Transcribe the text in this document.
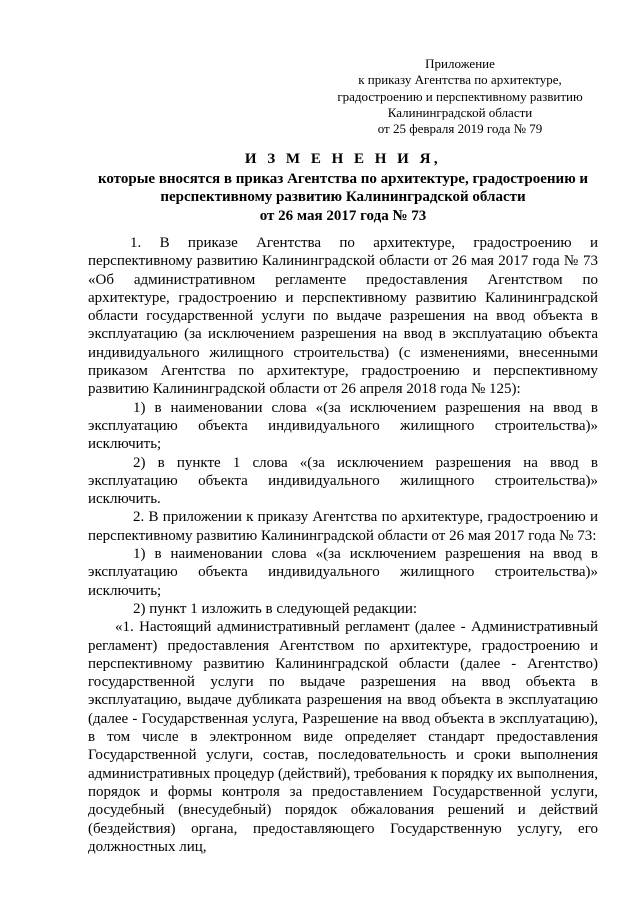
Приложение
к приказу Агентства по архитектуре,
градостроению и перспективному развитию
Калининградской области
от 25 февраля 2019 года № 79
И З М Е Н Е Н И Я,
которые вносятся в приказ Агентства по архитектуре, градостроению и перспективному развитию Калининградской области
от 26 мая 2017 года № 73

1. В приказе Агентства по архитектуре, градостроению и перспективному развитию Калининградской области от 26 мая 2017 года № 73 «Об административном регламенте предоставления Агентством по архитектуре, градостроению и перспективному развитию Калининградской области государственной услуги по выдаче разрешения на ввод объекта в эксплуатацию (за исключением разрешения на ввод в эксплуатацию объекта индивидуального жилищного строительства) (с изменениями, внесенными приказом Агентства по архитектуре, градостроению и перспективному развитию Калининградской области от 26 апреля 2018 года № 125):

1) в наименовании слова «(за исключением разрешения на ввод в эксплуатацию объекта индивидуального жилищного строительства)» исключить;

2) в пункте 1 слова «(за исключением разрешения на ввод в эксплуатацию объекта индивидуального жилищного строительства)» исключить.

2. В приложении к приказу Агентства по архитектуре, градостроению и перспективному развитию Калининградской области от 26 мая 2017 года № 73:

1) в наименовании слова «(за исключением разрешения на ввод в эксплуатацию объекта индивидуального жилищного строительства)» исключить;

2) пункт 1 изложить в следующей редакции:

«1. Настоящий административный регламент (далее - Административный регламент) предоставления Агентством по архитектуре, градостроению и перспективному развитию Калининградской области (далее - Агентство) государственной услуги по выдаче разрешения на ввод объекта в эксплуатацию, выдаче дубликата разрешения на ввод объекта в эксплуатацию (далее - Государственная услуга, Разрешение на ввод объекта в эксплуатацию), в том числе в электронном виде определяет стандарт предоставления Государственной услуги, состав, последовательность и сроки выполнения административных процедур (действий), требования к порядку их выполнения, порядок и формы контроля за предоставлением Государственной услуги, досудебный (внесудебный) порядок обжалования решений и действий (бездействия) органа, предоставляющего Государственную услугу, его должностных лиц,
